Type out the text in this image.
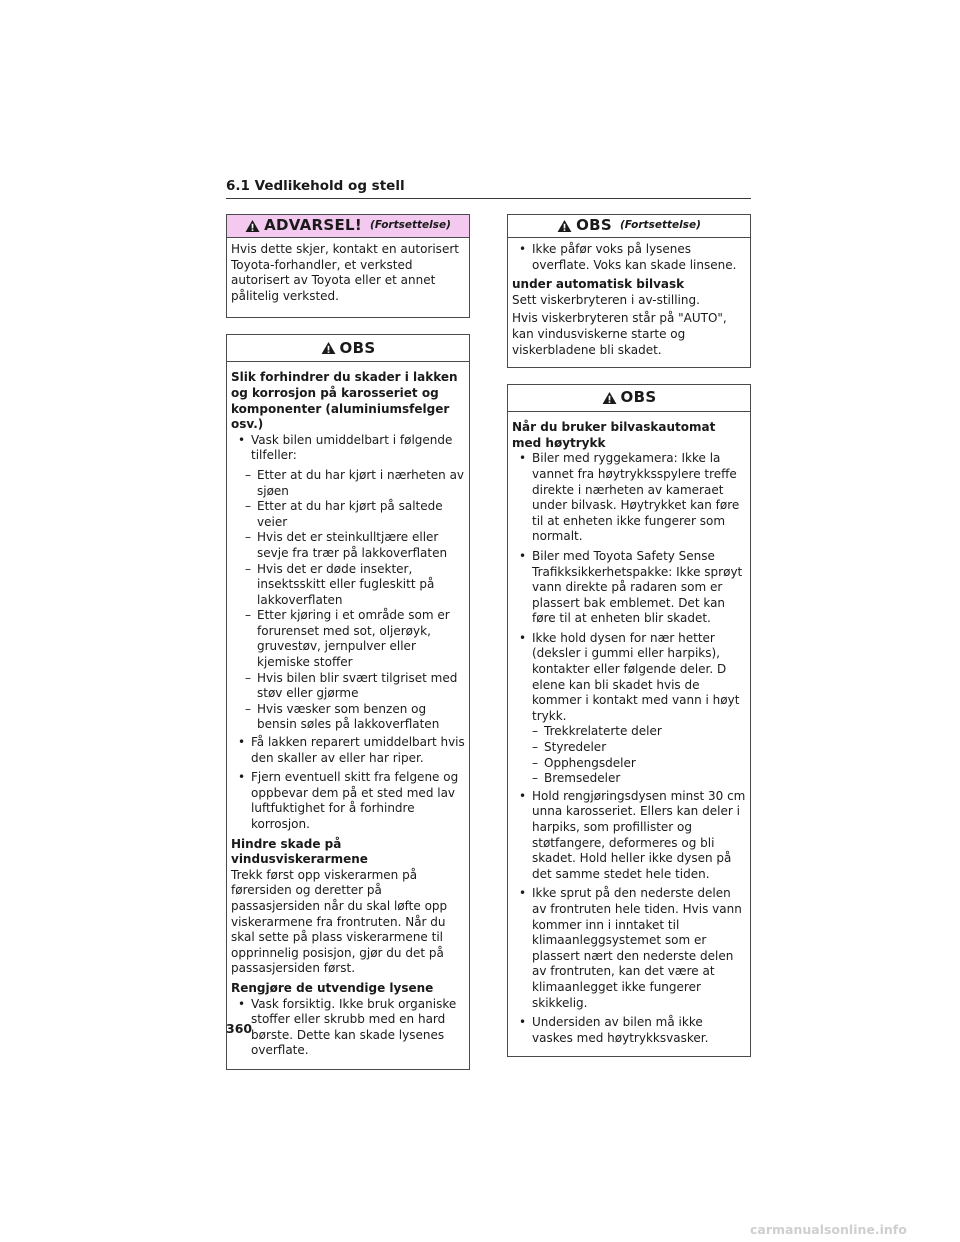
6.1 Vedlikehold og stell
ADVARSEL! (Fortsettelse)

Hvis dette skjer, kontakt en autorisert Toyota-forhandler, et verksted autorisert av Toyota eller et annet pålitelig verksted.

OBS

Slik forhindrer du skader i lakken og korrosjon på karosseriet og komponenter (aluminiumsfelger osv.)

• Vask bilen umiddelbart i følgende tilfeller:

– Etter at du har kjørt i nærheten av sjøen

– Etter at du har kjørt på saltede veier

– Hvis det er steinkulltjære eller sevje fra trær på lakkoverflaten

– Hvis det er døde insekter, insektsskitt eller fugleskitt på lakkoverflaten

– Etter kjøring i et område som er forurenset med sot, oljerøyk, gruvestøv, jernpulver eller kjemiske stoffer

– Hvis bilen blir svært tilgriset med støv eller gjørme

– Hvis væsker som benzen og bensin søles på lakkoverflaten

• Få lakken reparert umiddelbart hvis den skaller av eller har riper.

• Fjern eventuell skitt fra felgene og oppbevar dem på et sted med lav luftfuktighet for å forhindre korrosjon.

Hindre skade på vindusviskerarmene

Trekk først opp viskerarmen på førersiden og deretter på passasjersiden når du skal løfte opp viskerarmene fra frontruten. Når du skal sette på plass viskerarmene til opprinnelig posisjon, gjør du det på passasjersiden først.

Rengjøre de utvendige lysene

• Vask forsiktig. Ikke bruk organiske stoffer eller skrubb med en hard børste. Dette kan skade lysenes overflate.

OBS (Fortsettelse)

• Ikke påfør voks på lysenes overflate. Voks kan skade linsene.

under automatisk bilvask

Sett viskerbryteren i av-stilling.

Hvis viskerbryteren står på "AUTO", kan vindusviskerne starte og viskerbladene bli skadet.

OBS

Når du bruker bilvaskautomat med høytrykk

• Biler med ryggekamera: Ikke la vannet fra høytrykksspylere treffe direkte i nærheten av kameraet under bilvask. Høytrykket kan føre til at enheten ikke fungerer som normalt.

• Biler med Toyota Safety Sense Trafikksikkerhetspakke: Ikke sprøyt vann direkte på radaren som er plassert bak emblemet. Det kan føre til at enheten blir skadet.

• Ikke hold dysen for nær hetter (deksler i gummi eller harpiks), kontakter eller følgende deler. D elene kan bli skadet hvis de kommer i kontakt med vann i høyt trykk.

– Trekkrelaterte deler

– Styredeler

– Opphengsdeler

– Bremsedeler

• Hold rengjøringsdysen minst 30 cm unna karosseriet. Ellers kan deler i harpiks, som profillister og støtfangere, deformeres og bli skadet. Hold heller ikke dysen på det samme stedet hele tiden.

• Ikke sprut på den nederste delen av frontruten hele tiden. Hvis vann kommer inn i inntaket til klimaanleggsystemet som er plassert nært den nederste delen av frontruten, kan det være at klimaanlegget ikke fungerer skikkelig.

• Undersiden av bilen må ikke vaskes med høytrykksvasker.

360
carmanualsonline.info
